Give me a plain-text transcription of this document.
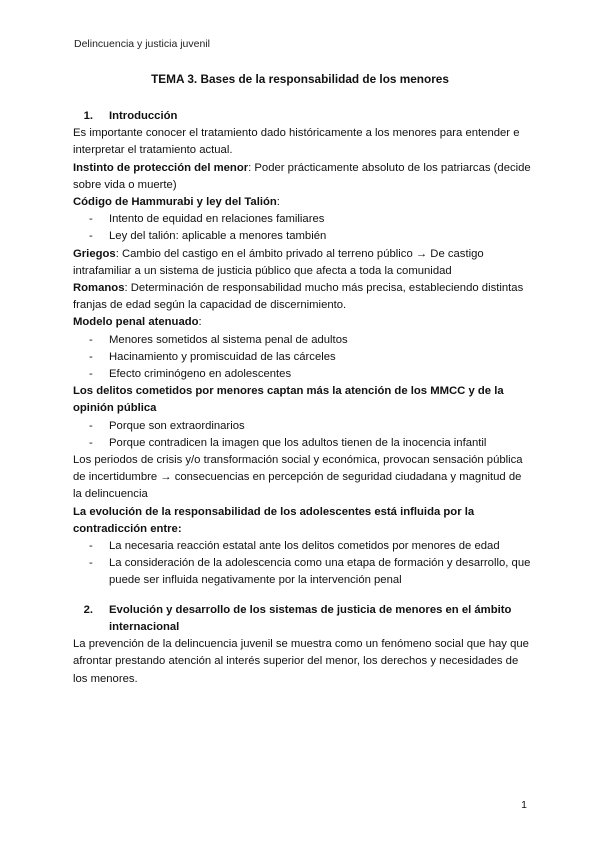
Delincuencia y justicia juvenil
TEMA 3. Bases de la responsabilidad de los menores
1.	Introducción

Es importante conocer el tratamiento dado históricamente a los menores para entender e interpretar el tratamiento actual.

Instinto de protección del menor: Poder prácticamente absoluto de los patriarcas (decide sobre vida o muerte)

Código de Hammurabi y ley del Talión:

- Intento de equidad en relaciones familiares
- Ley del talión: aplicable a menores también

Griegos: Cambio del castigo en el ámbito privado al terreno público → De castigo intrafamiliar a un sistema de justicia público que afecta a toda la comunidad

Romanos: Determinación de responsabilidad mucho más precisa, estableciendo distintas franjas de edad según la capacidad de discernimiento.

Modelo penal atenuado:

- Menores sometidos al sistema penal de adultos
- Hacinamiento y promiscuidad de las cárceles
- Efecto criminógeno en adolescentes

Los delitos cometidos por menores captan más la atención de los MMCC y de la opinión pública

- Porque son extraordinarios
- Porque contradicen la imagen que los adultos tienen de la inocencia infantil

Los periodos de crisis y/o transformación social y económica, provocan sensación pública de incertidumbre → consecuencias en percepción de seguridad ciudadana y magnitud de la delincuencia

La evolución de la responsabilidad de los adolescentes está influida por la contradicción entre:

- La necesaria reacción estatal ante los delitos cometidos por menores de edad
- La consideración de la adolescencia como una etapa de formación y desarrollo, que puede ser influida negativamente por la intervención penal
2.	Evolución y desarrollo de los sistemas de justicia de menores en el ámbito internacional

La prevención de la delincuencia juvenil se muestra como un fenómeno social que hay que afrontar prestando atención al interés superior del menor, los derechos y necesidades de los menores.

1
